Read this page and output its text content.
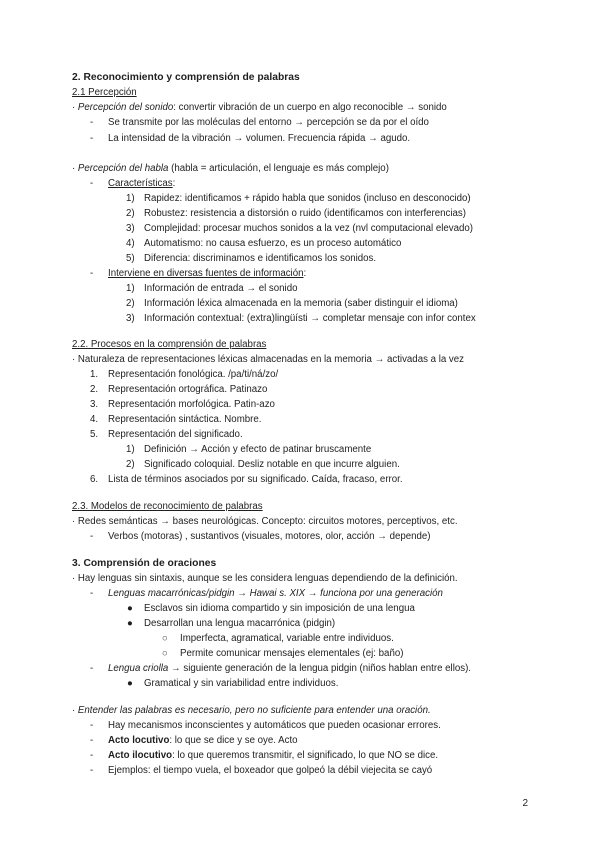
2. Reconocimiento y comprensión de palabras
2.1 Percepción
· Percepción del sonido: convertir vibración de un cuerpo en algo reconocible → sonido
- Se transmite por las moléculas del entorno → percepción se da por el oído
- La intensidad de la vibración → volumen. Frecuencia rápida → agudo.
· Percepción del habla (habla = articulación, el lenguaje es más complejo)
- Características:
1) Rapidez: identificamos + rápido habla que sonidos (incluso en desconocido)
2) Robustez: resistencia a distorsión o ruido (identificamos con interferencias)
3) Complejidad: procesar muchos sonidos a la vez (nvl computacional elevado)
4) Automatismo: no causa esfuerzo, es un proceso automático
5) Diferencia: discriminamos e identificamos los sonidos.
- Interviene en diversas fuentes de información:
1) Información de entrada → el sonido
2) Información léxica almacenada en la memoria (saber distinguir el idioma)
3) Información contextual: (extra)lingüísti → completar mensaje con infor contex
2.2. Procesos en la comprensión de palabras
· Naturaleza de representaciones léxicas almacenadas en la memoria → activadas a la vez
1. Representación fonológica. /pa/ti/ná/zo/
2. Representación ortográfica. Patinazo
3. Representación morfológica. Patin-azo
4. Representación sintáctica. Nombre.
5. Representación del significado.
1) Definición → Acción y efecto de patinar bruscamente
2) Significado coloquial. Desliz notable en que incurre alguien.
6. Lista de términos asociados por su significado. Caída, fracaso, error.
2.3. Modelos de reconocimiento de palabras
· Redes semánticas → bases neurológicas. Concepto: circuitos motores, perceptivos, etc.
- Verbos (motoras) , sustantivos (visuales, motores, olor, acción → depende)
3. Comprensión de oraciones
· Hay lenguas sin sintaxis, aunque se les considera lenguas dependiendo de la definición.
- Lenguas macarrónicas/pidgin → Hawai s. XIX → funciona por una generación
● Esclavos sin idioma compartido y sin imposición de una lengua
● Desarrollan una lengua macarrónica (pidgin)
○ Imperfecta, agramatical, variable entre individuos.
○ Permite comunicar mensajes elementales (ej: baño)
- Lengua criolla → siguiente generación de la lengua pidgin (niños hablan entre ellos).
● Gramatical y sin variabilidad entre individuos.
· Entender las palabras es necesario, pero no suficiente para entender una oración.
- Hay mecanismos inconscientes y automáticos que pueden ocasionar errores.
- Acto locutivo: lo que se dice y se oye. Acto
- Acto ilocutivo: lo que queremos transmitir, el significado, lo que NO se dice.
- Ejemplos: el tiempo vuela, el boxeador que golpeó la débil viejecita se cayó
2
